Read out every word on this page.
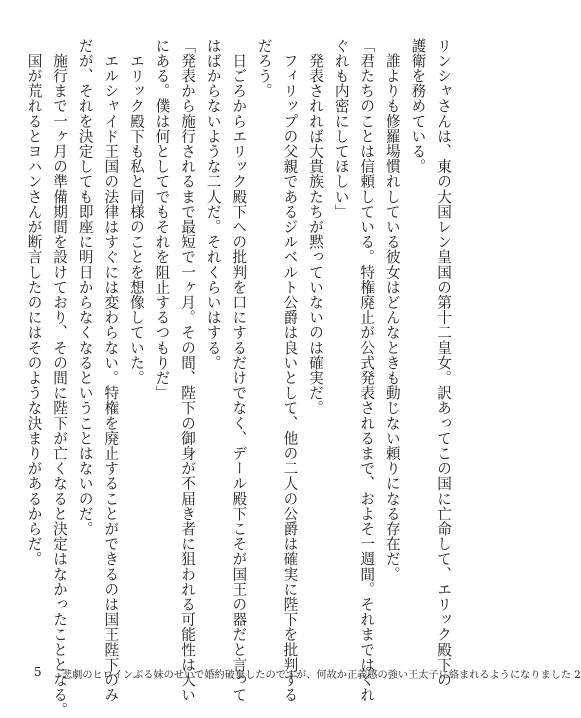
リンシャさんは、東の大国レン皇国の第十二皇女。訳あってこの国に亡命して、エリック殿下の

護衛を務めている。

　誰よりも修羅場慣れしている彼女はどんなときも動じない頼りになる存在だ。

「君たちのことは信頼している。特権廃止が公式発表されるまで、およそ一週間。それまではくれ

ぐれも内密にしてほしい」

　発表されれば大貴族たちが黙っていないのは確実だ。

　フィリップの父親であるジルベルト公爵は良いとして、他の二人の公爵は確実に陛下を批判する

だろう。

　日ごろからエリック殿下への批判を口にするだけでなく、デール殿下こそが国王の器だと言って

はばからないような二人だ。それくらいはする。

「発表から施行されるまで最短で一ヶ月。その間、陛下の御身が不届き者に狙われる可能性は大い

にある。僕は何としてでもそれを阻止するつもりだ」

　エリック殿下も私と同様のことを想像していた。

　エルシャイド王国の法律はすぐには変わらない。特権を廃止することができるのは国王陛下のみ

だが、それを決定しても即座に明日からなくなるということはないのだ。

　施行まで一ヶ月の準備期間を設けており、その間に陛下が亡くなると決定はなかったこととなる。

　国が荒れるとヨハンさんが断言したのにはそのような決まりがあるからだ。

5 悲劇のヒロインぶる妹のせいで婚約破棄したのですが、何故か正義感の強い王太子に絡まれるようになりました 2
